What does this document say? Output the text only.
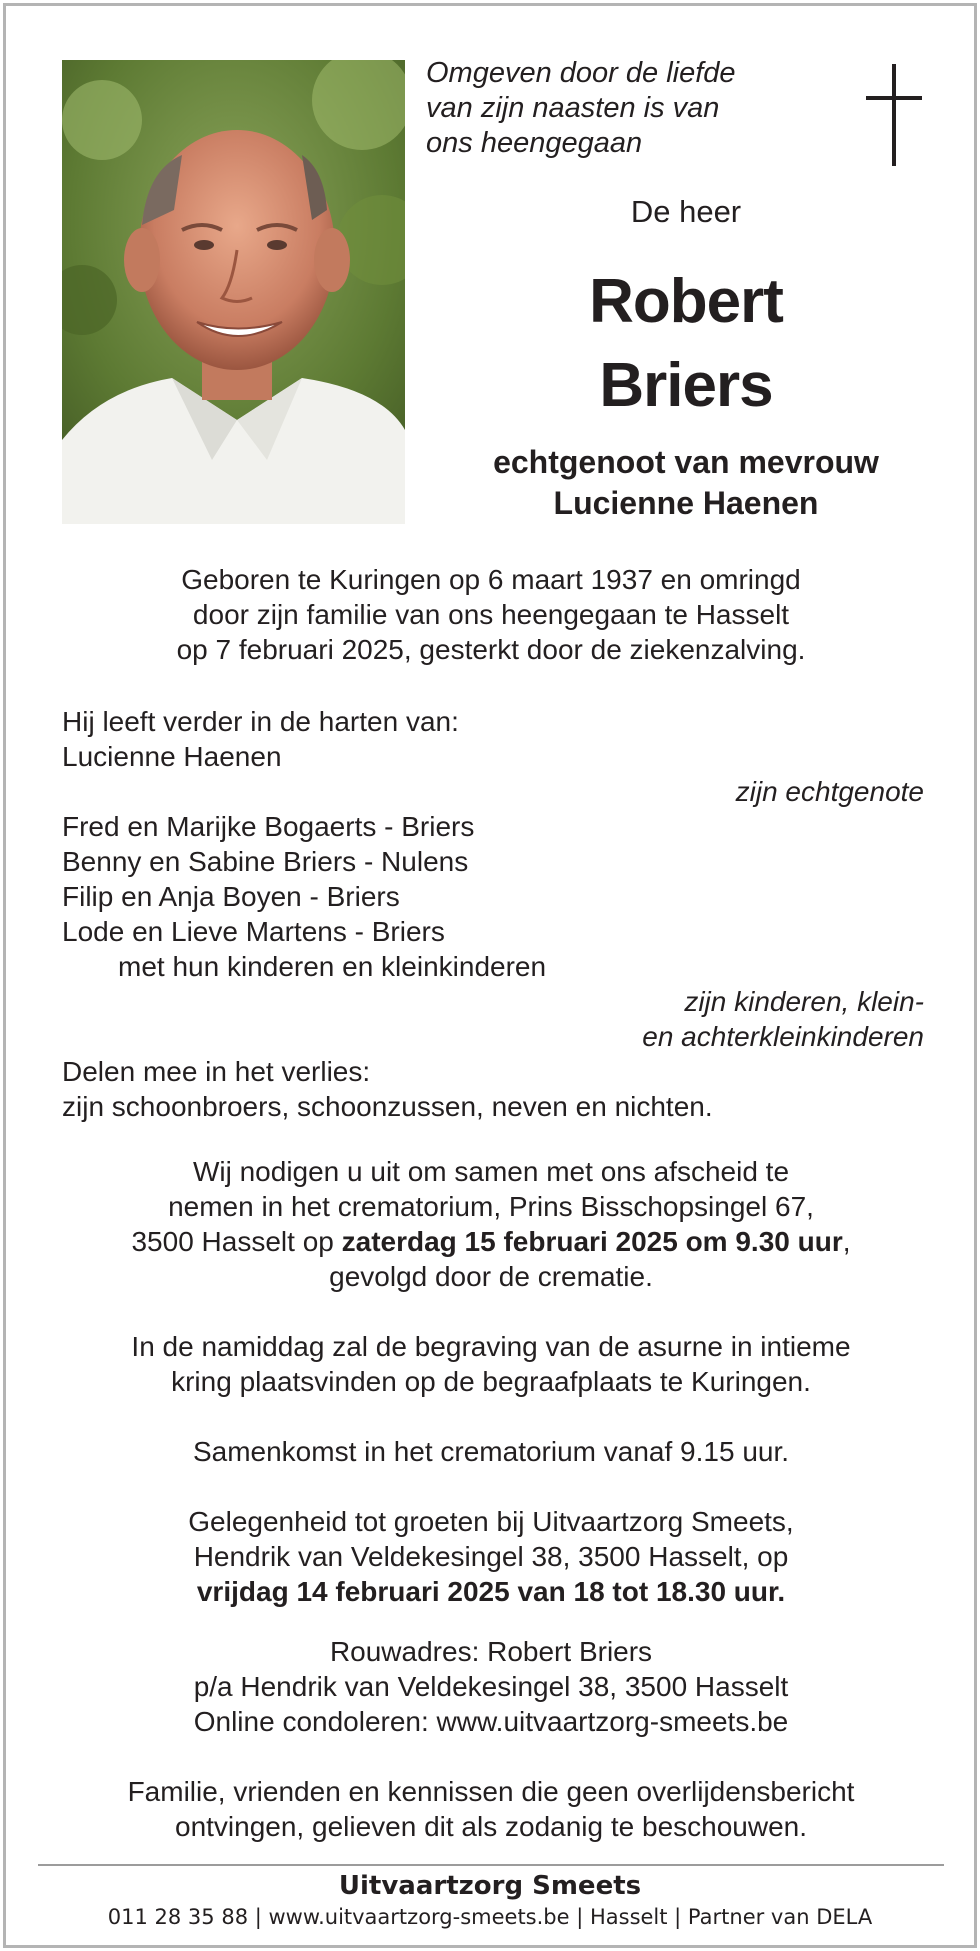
Omgeven door de liefde
van zijn naasten is van
ons heengegaan
De heer
Robert
Briers
echtgenoot van mevrouw
Lucienne Haenen
Geboren te Kuringen op 6 maart 1937 en omringd
door zijn familie van ons heengegaan te Hasselt
op 7 februari 2025, gesterkt door de ziekenzalving.
Hij leeft verder in de harten van:
Lucienne Haenen
zijn echtgenote
Fred en Marijke Bogaerts - Briers
Benny en Sabine Briers - Nulens
Filip en Anja Boyen - Briers
Lode en Lieve Martens - Briers
met hun kinderen en kleinkinderen
zijn kinderen, klein-
en achterkleinkinderen
Delen mee in het verlies:
zijn schoonbroers, schoonzussen, neven en nichten.
Wij nodigen u uit om samen met ons afscheid te
nemen in het crematorium, Prins Bisschopsingel 67,
3500 Hasselt op zaterdag 15 februari 2025 om 9.30 uur,
gevolgd door de crematie.
In de namiddag zal de begraving van de asurne in intieme
kring plaatsvinden op de begraafplaats te Kuringen.
Samenkomst in het crematorium vanaf 9.15 uur.
Gelegenheid tot groeten bij Uitvaartzorg Smeets,
Hendrik van Veldekesingel 38, 3500 Hasselt, op
vrijdag 14 februari 2025 van 18 tot 18.30 uur.
Rouwadres: Robert Briers
p/a Hendrik van Veldekesingel 38, 3500 Hasselt
Online condoleren: www.uitvaartzorg-smeets.be
Familie, vrienden en kennissen die geen overlijdensbericht
ontvingen, gelieven dit als zodanig te beschouwen.
Uitvaartzorg Smeets
011 28 35 88 | www.uitvaartzorg-smeets.be | Hasselt | Partner van DELA
